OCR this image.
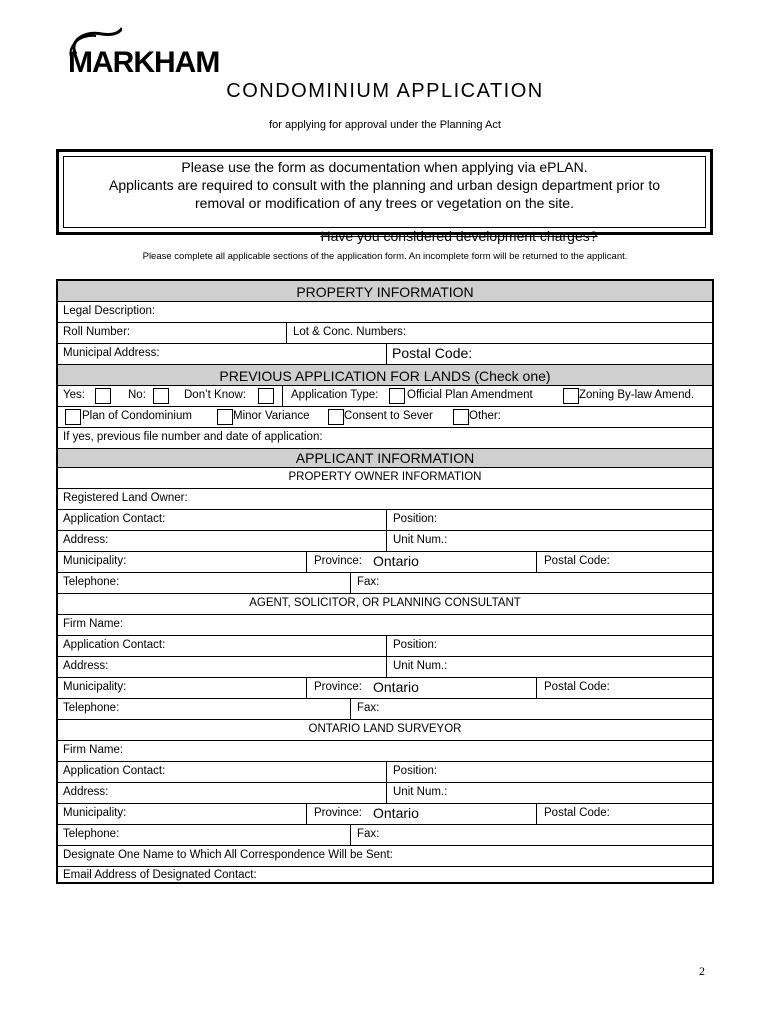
MARKHAM
CONDOMINIUM APPLICATION
for applying for approval under the Planning Act
Please use the form as documentation when applying via ePLAN.
Applicants are required to consult with the planning and urban design department prior to
removal or modification of any trees or vegetation on the site.
Have you considered development charges?
Please complete all applicable sections of the application form. An incomplete form will be returned to the applicant.
PROPERTY INFORMATION
Legal Description:
Roll Number:	Lot & Conc. Numbers:
Municipal Address:	Postal Code:
PREVIOUS APPLICATION FOR LANDS (Check one)
Yes:	No:	Don’t Know:	Application Type: Official Plan Amendment	Zoning By-law Amend.
Plan of Condominium	Minor Variance	Consent to Sever	Other:
If yes, previous file number and date of application:
APPLICANT INFORMATION
PROPERTY OWNER INFORMATION
Registered Land Owner:
Application Contact:	Position:
Address:	Unit Num.:
Municipality:	Province: Ontario	Postal Code:
Telephone:	Fax:
AGENT, SOLICITOR, OR PLANNING CONSULTANT
Firm Name:
Application Contact:	Position:
Address:	Unit Num.:
Municipality:	Province: Ontario	Postal Code:
Telephone:	Fax:
ONTARIO LAND SURVEYOR
Firm Name:
Application Contact:	Position:
Address:	Unit Num.:
Municipality:	Province: Ontario	Postal Code:
Telephone:	Fax:
Designate One Name to Which All Correspondence Will be Sent:
Email Address of Designated Contact:
2
